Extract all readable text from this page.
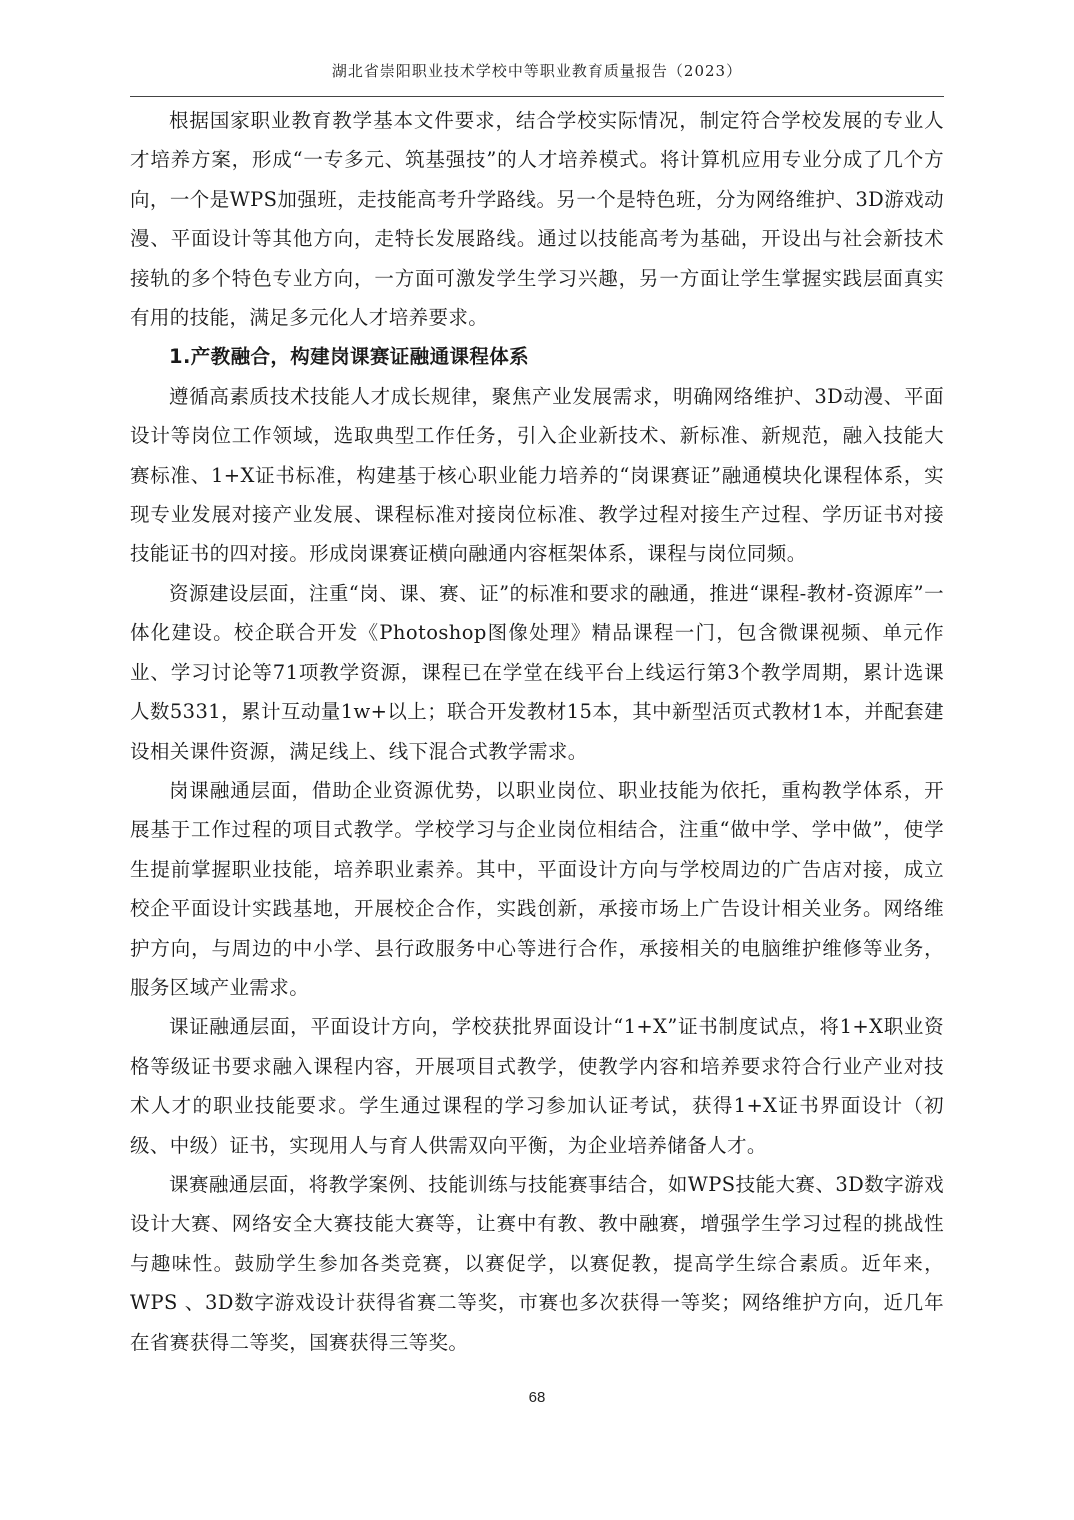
湖北省崇阳职业技术学校中等职业教育质量报告（2023）

根据国家职业教育教学基本文件要求，结合学校实际情况，制定符合学校发展的专业人才培养方案，形成“一专多元、筑基强技”的人才培养模式。将计算机应用专业分成了几个方向，一个是WPS加强班，走技能高考升学路线。另一个是特色班，分为网络维护、3D游戏动漫、平面设计等其他方向，走特长发展路线。通过以技能高考为基础，开设出与社会新技术接轨的多个特色专业方向，一方面可激发学生学习兴趣，另一方面让学生掌握实践层面真实有用的技能，满足多元化人才培养要求。

1.产教融合，构建岗课赛证融通课程体系

遵循高素质技术技能人才成长规律，聚焦产业发展需求，明确网络维护、3D动漫、平面设计等岗位工作领域，选取典型工作任务，引入企业新技术、新标准、新规范，融入技能大赛标准、1+X证书标准，构建基于核心职业能力培养的“岗课赛证”融通模块化课程体系，实现专业发展对接产业发展、课程标准对接岗位标准、教学过程对接生产过程、学历证书对接技能证书的四对接。形成岗课赛证横向融通内容框架体系，课程与岗位同频。

资源建设层面，注重“岗、课、赛、证”的标准和要求的融通，推进“课程-教材-资源库”一体化建设。校企联合开发《Photoshop图像处理》精品课程一门，包含微课视频、单元作业、学习讨论等71项教学资源，课程已在学堂在线平台上线运行第3个教学周期，累计选课人数5331，累计互动量1w+以上；联合开发教材15本，其中新型活页式教材1本，并配套建设相关课件资源，满足线上、线下混合式教学需求。

岗课融通层面，借助企业资源优势，以职业岗位、职业技能为依托，重构教学体系，开展基于工作过程的项目式教学。学校学习与企业岗位相结合，注重“做中学、学中做”，使学生提前掌握职业技能，培养职业素养。其中，平面设计方向与学校周边的广告店对接，成立校企平面设计实践基地，开展校企合作，实践创新，承接市场上广告设计相关业务。网络维护方向，与周边的中小学、县行政服务中心等进行合作，承接相关的电脑维护维修等业务，服务区域产业需求。

课证融通层面，平面设计方向，学校获批界面设计“1+X”证书制度试点，将1+X职业资格等级证书要求融入课程内容，开展项目式教学，使教学内容和培养要求符合行业产业对技术人才的职业技能要求。学生通过课程的学习参加认证考试，获得1+X证书界面设计（初级、中级）证书，实现用人与育人供需双向平衡，为企业培养储备人才。

课赛融通层面，将教学案例、技能训练与技能赛事结合，如WPS技能大赛、3D数字游戏设计大赛、网络安全大赛技能大赛等，让赛中有教、教中融赛，增强学生学习过程的挑战性与趣味性。鼓励学生参加各类竞赛，以赛促学，以赛促教，提高学生综合素质。近年来，WPS 、3D数字游戏设计获得省赛二等奖，市赛也多次获得一等奖；网络维护方向，近几年在省赛获得二等奖，国赛获得三等奖。

68
